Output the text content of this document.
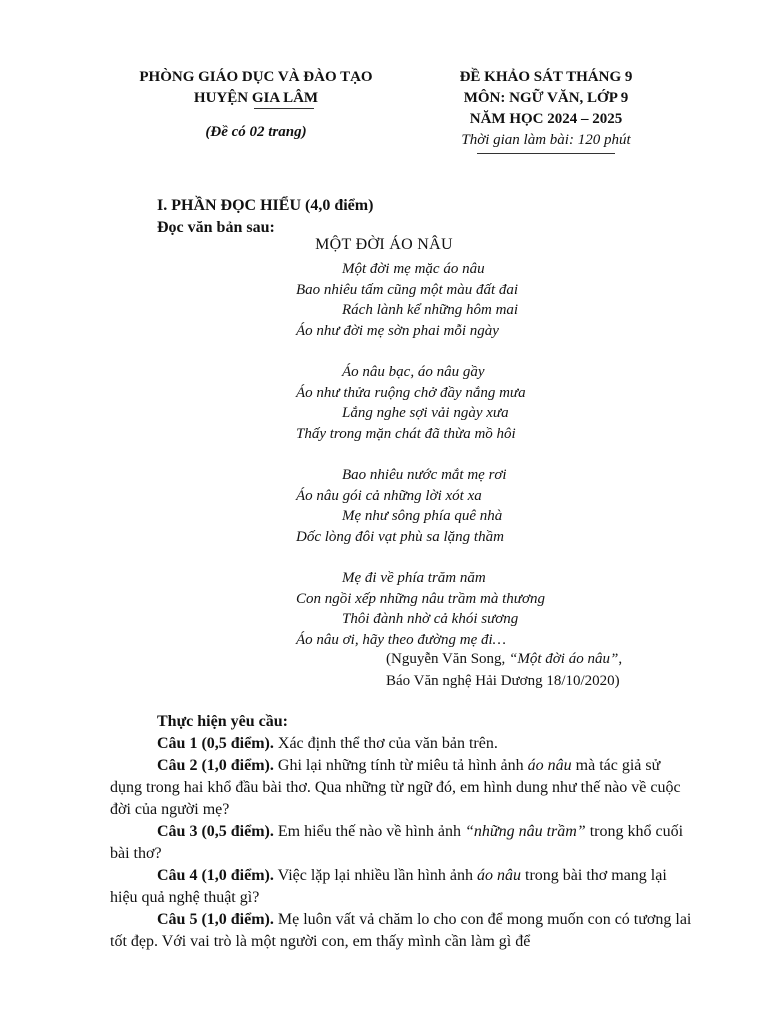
PHÒNG GIÁO DỤC VÀ ĐÀO TẠO
HUYỆN GIA LÂM
(Đề có 02 trang)
ĐỀ KHẢO SÁT THÁNG 9
MÔN: NGỮ VĂN, LỚP 9
NĂM HỌC 2024 – 2025
Thời gian làm bài: 120 phút
I. PHẦN ĐỌC HIỂU (4,0 điểm)
Đọc văn bản sau:
MỘT ĐỜI ÁO NÂU
Một đời mẹ mặc áo nâu
Bao nhiêu tấm cũng một màu đất đai
Rách lành kể những hôm mai
Áo như đời mẹ sờn phai mỗi ngày
Áo nâu bạc, áo nâu gầy
Áo như thửa ruộng chở đầy nắng mưa
Lắng nghe sợi vải ngày xưa
Thấy trong mặn chát đã thừa mồ hôi
Bao nhiêu nước mắt mẹ rơi
Áo nâu gói cả những lời xót xa
Mẹ như sông phía quê nhà
Dốc lòng đôi vạt phù sa lặng thầm
Mẹ đi về phía trăm năm
Con ngồi xếp những nâu trầm mà thương
Thôi đành nhờ cả khói sương
Áo nâu ơi, hãy theo đường mẹ đi…
(Nguyễn Văn Song, “Một đời áo nâu”,
Báo Văn nghệ Hải Dương 18/10/2020)

Thực hiện yêu cầu:

Câu 1 (0,5 điểm). Xác định thể thơ của văn bản trên.

Câu 2 (1,0 điểm). Ghi lại những tính từ miêu tả hình ảnh áo nâu mà tác giả sử dụng trong hai khổ đầu bài thơ. Qua những từ ngữ đó, em hình dung như thế nào về cuộc đời của người mẹ?

Câu 3 (0,5 điểm). Em hiểu thế nào về hình ảnh “những nâu trầm” trong khổ cuối bài thơ?

Câu 4 (1,0 điểm). Việc lặp lại nhiều lần hình ảnh áo nâu trong bài thơ mang lại hiệu quả nghệ thuật gì?

Câu 5 (1,0 điểm). Mẹ luôn vất vả chăm lo cho con để mong muốn con có tương lai tốt đẹp. Với vai trò là một người con, em thấy mình cần làm gì để
